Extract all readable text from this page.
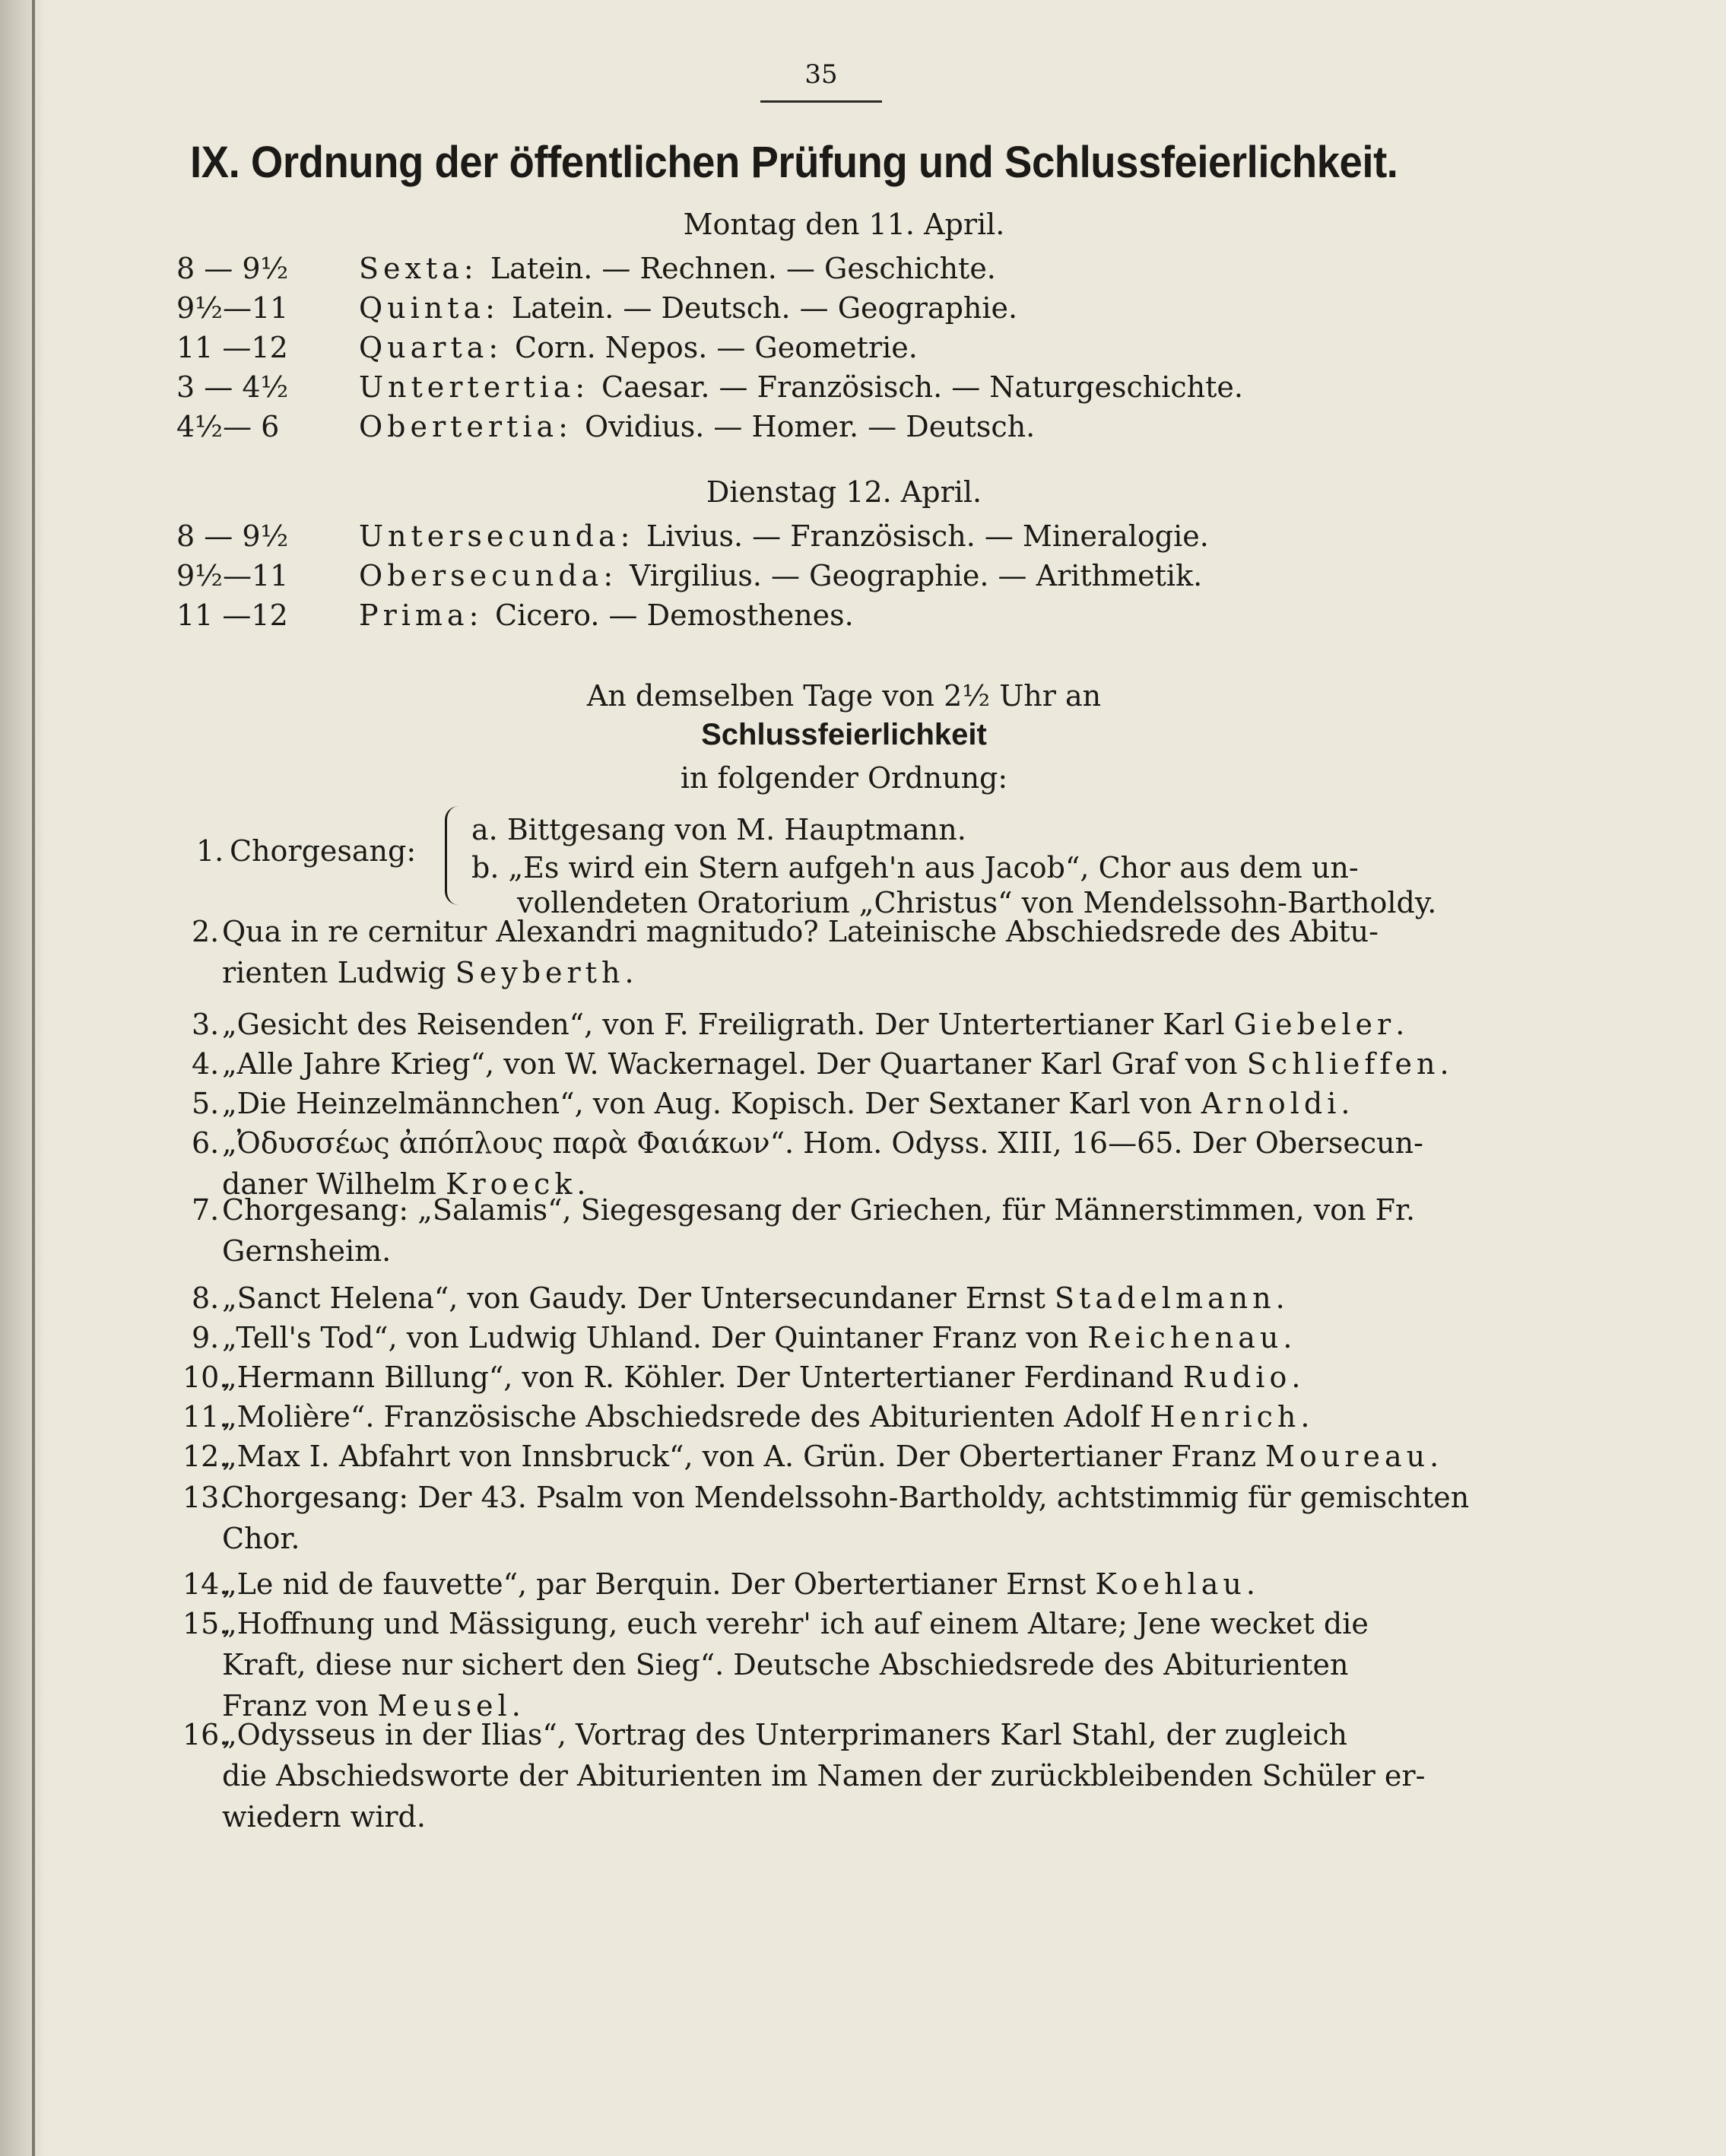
35
IX. Ordnung der öffentlichen Prüfung und Schlussfeierlichkeit.
Montag den 11. April.
8 — 9½ Sexta: Latein. — Rechnen. — Geschichte.
9½—11 Quinta: Latein. — Deutsch. — Geographie.
11 —12 Quarta: Corn. Nepos. — Geometrie.
3 — 4½ Untertertia: Caesar. — Französisch. — Naturgeschichte.
4½— 6	Obertertia: Ovidius. — Homer. — Deutsch.
Dienstag 12. April.
8 — 9½ Untersecunda: Livius. — Französisch. — Mineralogie.
9½—11 Obersecunda: Virgilius. — Geographie. — Arithmetik.
11 —12 Prima: Cicero. — Demosthenes.
An demselben Tage von 2½ Uhr an
Schlussfeierlichkeit
in folgender Ordnung:
1. Chorgesang:
a. Bittgesang von M. Hauptmann.
b. „Es wird ein Stern aufgeh'n aus Jacob“, Chor aus dem un-
vollendeten Oratorium „Christus“ von Mendelssohn-Bartholdy.
2. Qua in re cernitur Alexandri magnitudo? Lateinische Abschiedsrede des Abitu-
rienten Ludwig Seyberth.
3. „Gesicht des Reisenden“, von F. Freiligrath. Der Untertertianer Karl Giebeler.
4. „Alle Jahre Krieg“, von W. Wackernagel. Der Quartaner Karl Graf von Schlieffen.
5. „Die Heinzelmännchen“, von Aug. Kopisch. Der Sextaner Karl von Arnoldi.
6. „Ὀδυσσέως ἀπόπλους παρὰ Φαιάκων“. Hom. Odyss. XIII, 16—65. Der Obersecun-
daner Wilhelm Kroeck.
7. Chorgesang: „Salamis“, Siegesgesang der Griechen, für Männerstimmen, von Fr.
Gernsheim.
8. „Sanct Helena“, von Gaudy. Der Untersecundaner Ernst Stadelmann.
9. „Tell's Tod“, von Ludwig Uhland. Der Quintaner Franz von Reichenau.
10.
„Hermann Billung“, von R. Köhler. Der Untertertianer Ferdinand Rudio.
11.
„Molière“. Französische Abschiedsrede des Abiturienten Adolf Henrich.
12.
„Max I. Abfahrt von Innsbruck“, von A. Grün. Der Obertertianer Franz Moureau.
13.
Chorgesang: Der 43. Psalm von Mendelssohn-Bartholdy, achtstimmig für gemischten
Chor.
14.
„Le nid de fauvette“, par Berquin. Der Obertertianer Ernst Koehlau.
15.
„Hoffnung und Mässigung, euch verehr' ich auf einem Altare; Jene wecket die
Kraft, diese nur sichert den Sieg“. Deutsche Abschiedsrede des Abiturienten
Franz von Meusel.
16.
„Odysseus in der Ilias“, Vortrag des Unterprimaners Karl Stahl, der zugleich
die Abschiedsworte der Abiturienten im Namen der zurückbleibenden Schüler er-
wiedern wird.
